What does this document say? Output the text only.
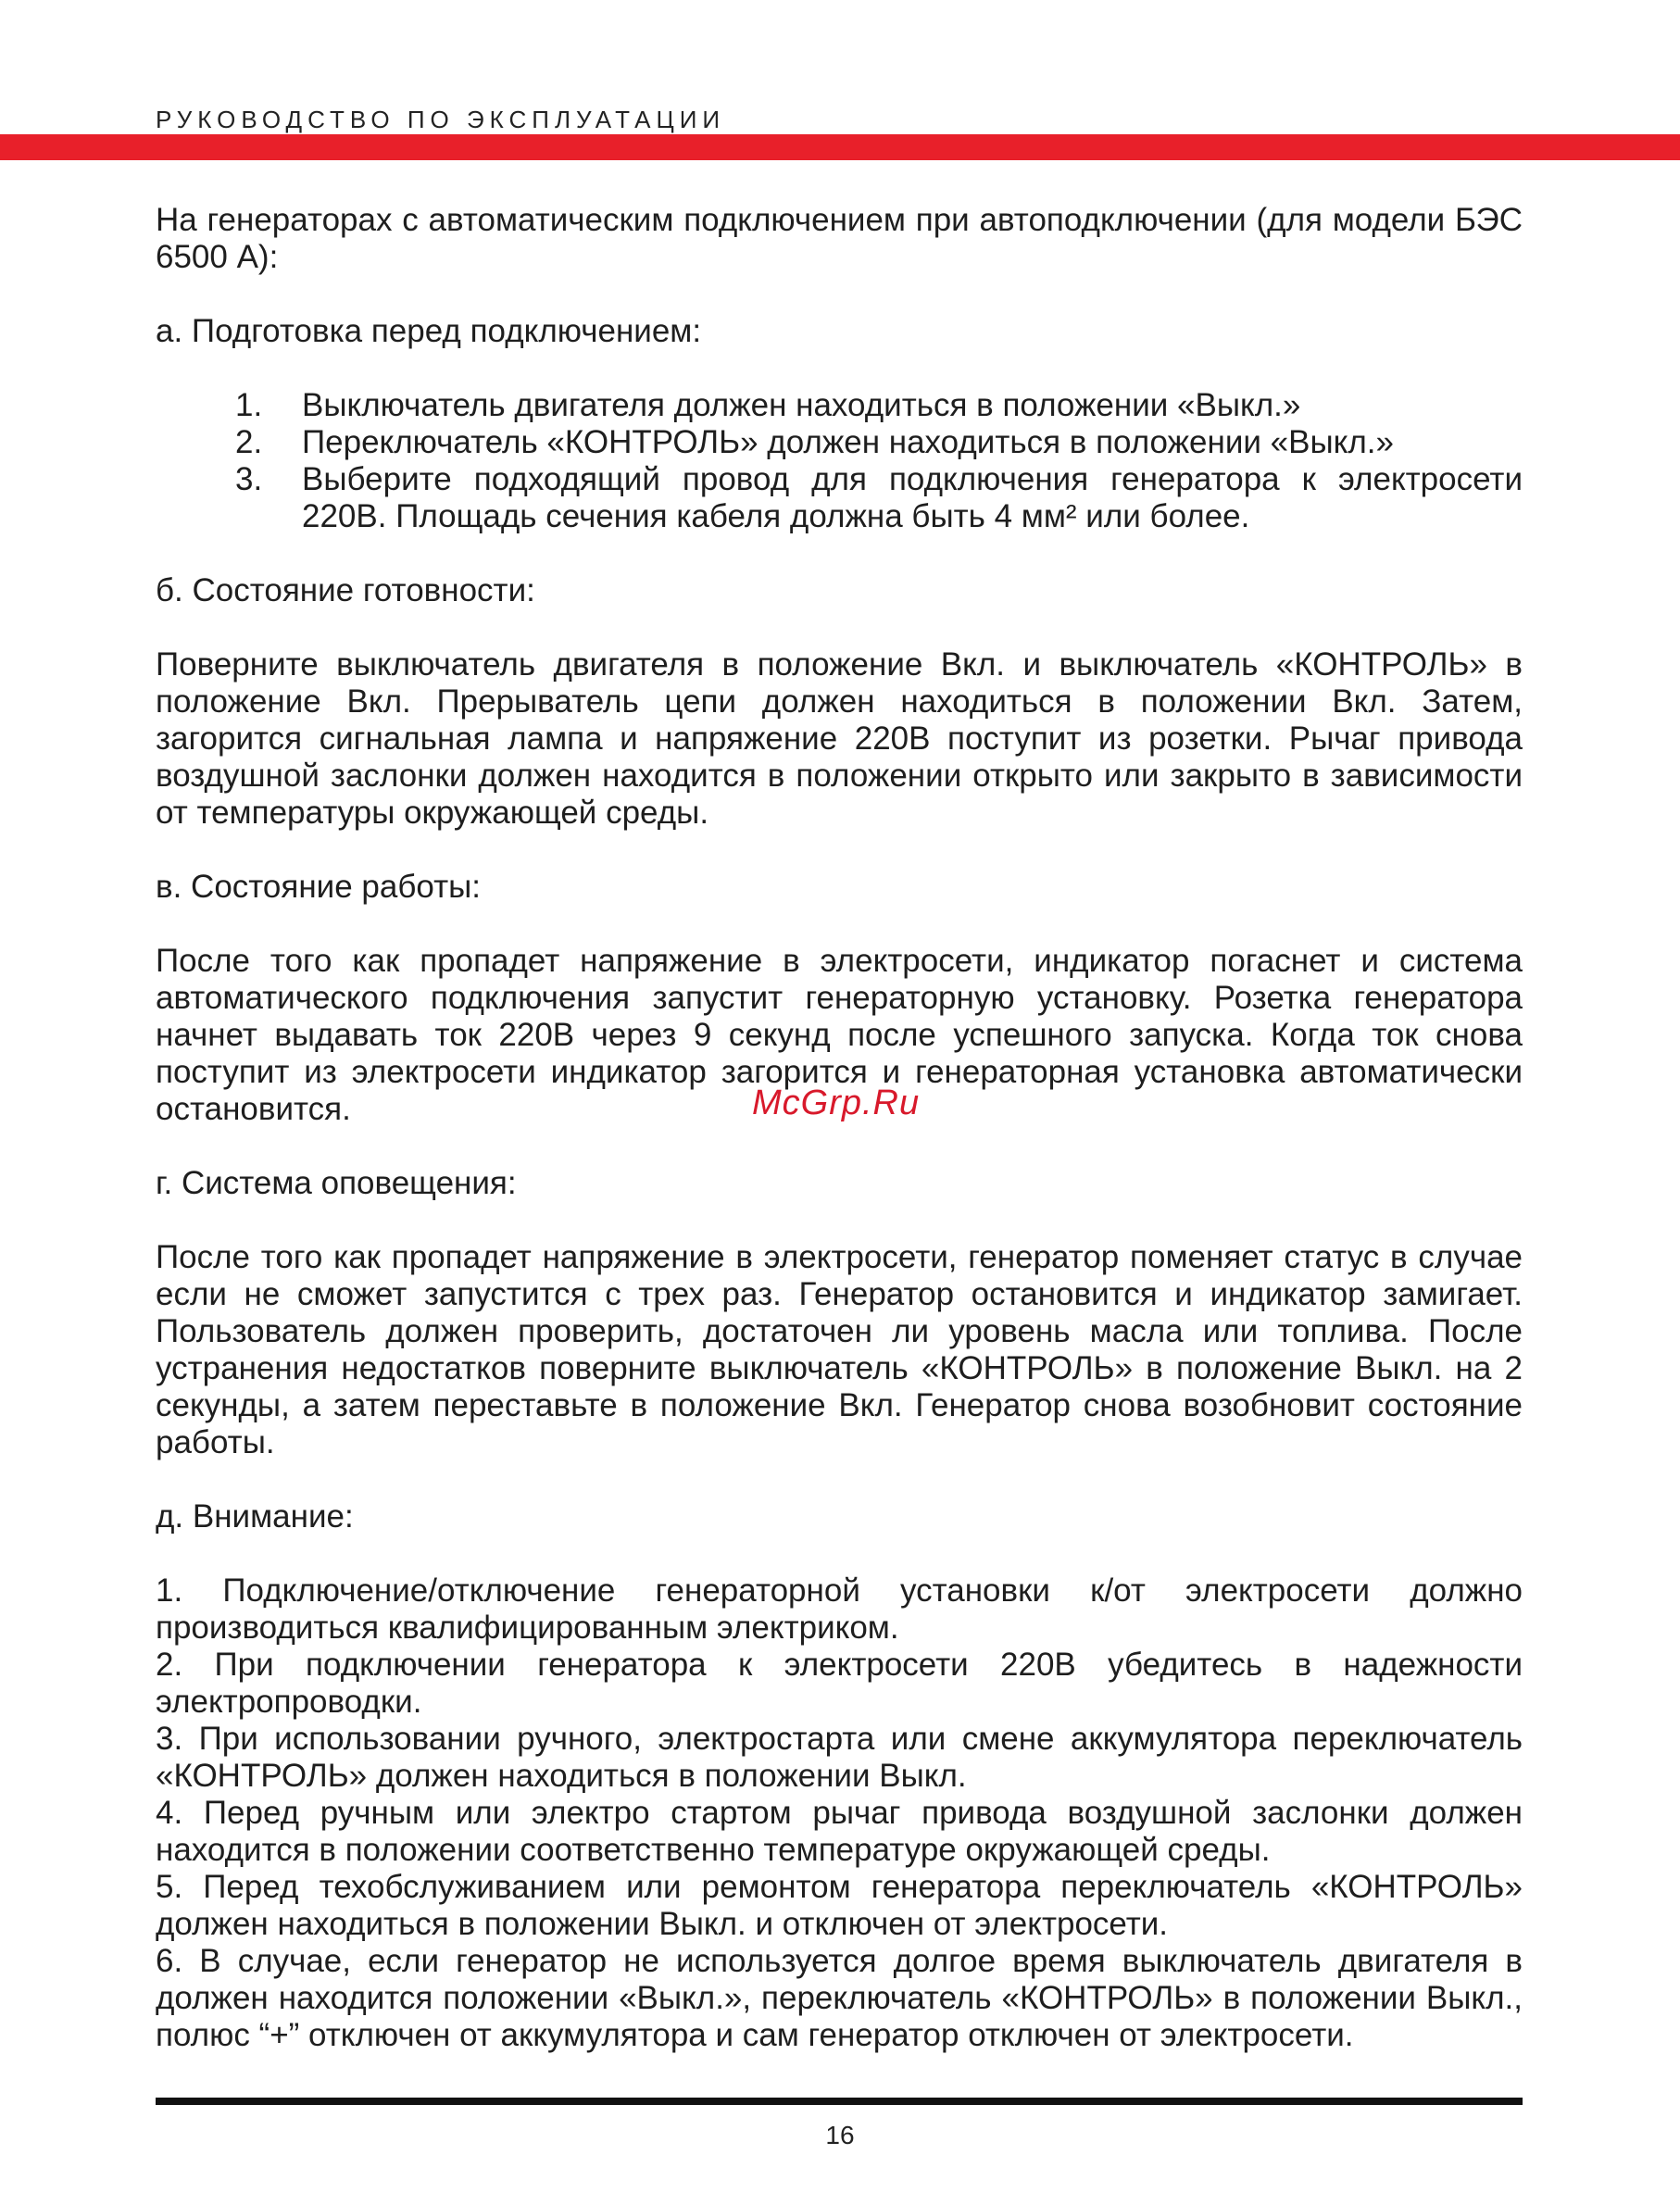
РУКОВОДСТВО ПО ЭКСПЛУАТАЦИИ

На генераторах с автоматическим подключением при автоподключении (для модели БЭС 6500 А):

а. Подготовка перед подключением:

1. Выключатель двигателя должен находиться в положении «Выкл.»
2. Переключатель «КОНТРОЛЬ» должен находиться в положении «Выкл.»
3. Выберите подходящий провод для подключения генератора к электросети 220В. Площадь сечения кабеля должна быть 4 мм² или более.

б. Состояние готовности:

Поверните выключатель двигателя в положение Вкл. и выключатель «КОНТРОЛЬ» в положение Вкл. Прерыватель цепи должен находиться в положении Вкл. Затем, загорится сигнальная лампа и напряжение 220В поступит из розетки. Рычаг привода воздушной заслонки должен находится в положении открыто или закрыто в зависимости от температуры окружающей среды.

в. Состояние работы:

После того как пропадет напряжение в электросети, индикатор погаснет и система автоматического подключения запустит генераторную установку. Розетка генератора начнет выдавать ток 220В через 9 секунд после успешного запуска. Когда ток снова поступит из электросети индикатор загорится и генераторная установка автоматически остановится.

г. Система оповещения:

После того как пропадет напряжение в электросети, генератор поменяет статус в случае если не сможет запустится с трех раз. Генератор остановится и индикатор замигает. Пользователь должен проверить, достаточен ли уровень масла или топлива. После устранения недостатков поверните выключатель «КОНТРОЛЬ» в положение Выкл. на 2 секунды, а затем переставьте в положение Вкл. Генератор снова возобновит состояние работы.

д. Внимание:

1. Подключение/отключение генераторной установки к/от электросети должно производиться квалифицированным электриком.

2. При подключении генератора к электросети 220В убедитесь в надежности электропроводки.

3. При использовании ручного, электростарта или смене аккумулятора переключатель «КОНТРОЛЬ» должен находиться в положении Выкл.

4. Перед ручным или электро стартом рычаг привода воздушной заслонки должен находится в положении соответственно температуре окружающей среды.

5. Перед техобслуживанием или ремонтом генератора переключатель «КОНТРОЛЬ» должен находиться в положении Выкл. и отключен от электросети.

6. В случае, если генератор не используется долгое время выключатель двигателя в должен находится положении «Выкл.», переключатель «КОНТРОЛЬ» в положении Выкл., полюс “+” отключен от аккумулятора и сам генератор отключен от электросети.

McGrp.Ru
16
